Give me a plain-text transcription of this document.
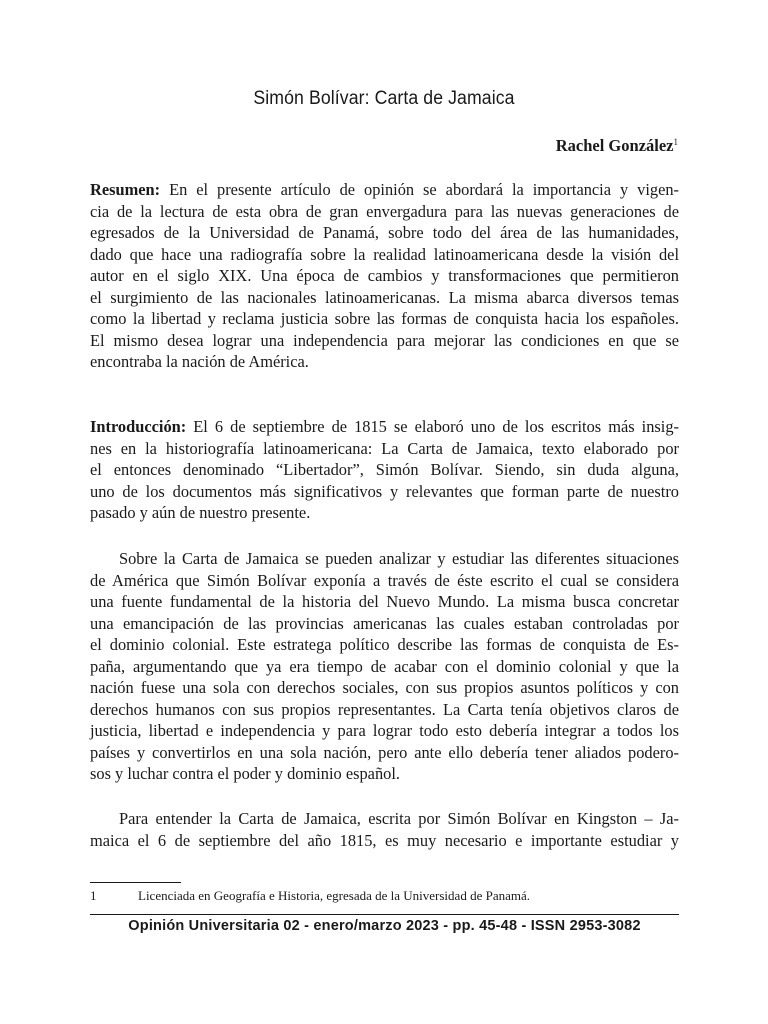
Simón Bolívar: Carta de Jamaica
Rachel González$^1$
Resumen: En el presente artículo de opinión se abordará la importancia y vigen-
cia de la lectura de esta obra de gran envergadura para las nuevas generaciones de
egresados de la Universidad de Panamá, sobre todo del área de las humanidades,
dado que hace una radiografía sobre la realidad latinoamericana desde la visión del
autor en el siglo XIX. Una época de cambios y transformaciones que permitieron
el surgimiento de las nacionales latinoamericanas. La misma abarca diversos temas
como la libertad y reclama justicia sobre las formas de conquista hacia los españoles.
El mismo desea lograr una independencia para mejorar las condiciones en que se
encontraba la nación de América.
Introducción: El 6 de septiembre de 1815 se elaboró uno de los escritos más insig-
nes en la historiografía latinoamericana: La Carta de Jamaica, texto elaborado por
el entonces denominado “Libertador”, Simón Bolívar. Siendo, sin duda alguna,
uno de los documentos más significativos y relevantes que forman parte de nuestro
pasado y aún de nuestro presente.
Sobre la Carta de Jamaica se pueden analizar y estudiar las diferentes situaciones
de América que Simón Bolívar exponía a través de éste escrito el cual se considera
una fuente fundamental de la historia del Nuevo Mundo. La misma busca concretar
una emancipación de las provincias americanas las cuales estaban controladas por
el dominio colonial. Este estratega político describe las formas de conquista de Es-
paña, argumentando que ya era tiempo de acabar con el dominio colonial y que la
nación fuese una sola con derechos sociales, con sus propios asuntos políticos y con
derechos humanos con sus propios representantes. La Carta tenía objetivos claros de
justicia, libertad e independencia y para lograr todo esto debería integrar a todos los
países y convertirlos en una sola nación, pero ante ello debería tener aliados podero-
sos y luchar contra el poder y dominio español.
Para entender la Carta de Jamaica, escrita por Simón Bolívar en Kingston – Ja-
maica el 6 de septiembre del año 1815, es muy necesario e importante estudiar y
1	Licenciada en Geografía e Historia, egresada de la Universidad de Panamá.
Opinión Universitaria 02 - enero/marzo 2023 - pp. 45-48 - ISSN 2953-3082
